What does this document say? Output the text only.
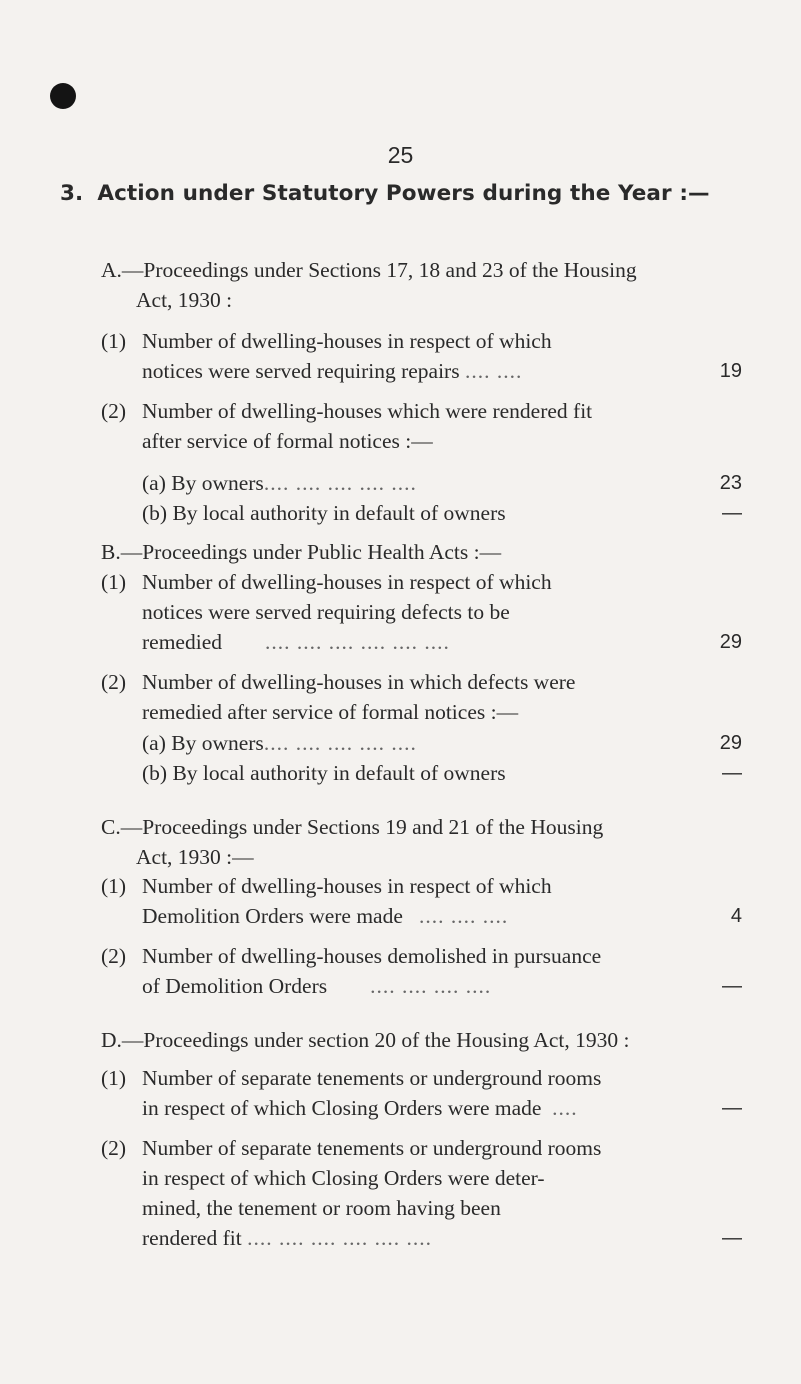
25
3. Action under Statutory Powers during the Year :—
A.—Proceedings under Sections 17, 18 and 23 of the Housing
Act, 1930 :
(1) Number of dwelling-houses in respect of which
notices were served requiring repairs .... ....	19
(2) Number of dwelling-houses which were rendered fit
after service of formal notices :—
(a) By owners.... .... .... .... ....	23
(b) By local authority in default of owners	—
B.—Proceedings under Public Health Acts :—
(1) Number of dwelling-houses in respect of which
notices were served requiring defects to be
remedied .... .... .... .... .... ....	29
(2) Number of dwelling-houses in which defects were
remedied after service of formal notices :—
(a) By owners.... .... .... .... ....	29
(b) By local authority in default of owners	—
C.—Proceedings under Sections 19 and 21 of the Housing
Act, 1930 :—
(1) Number of dwelling-houses in respect of which
Demolition Orders were made .... .... ....	4
(2) Number of dwelling-houses demolished in pursuance
of Demolition Orders .... .... .... ....	—
D.—Proceedings under section 20 of the Housing Act, 1930 :
(1) Number of separate tenements or underground rooms
in respect of which Closing Orders were made ....	—
(2) Number of separate tenements or underground rooms
in respect of which Closing Orders were deter-
mined, the tenement or room having been
rendered fit .... .... .... .... .... ....	—
